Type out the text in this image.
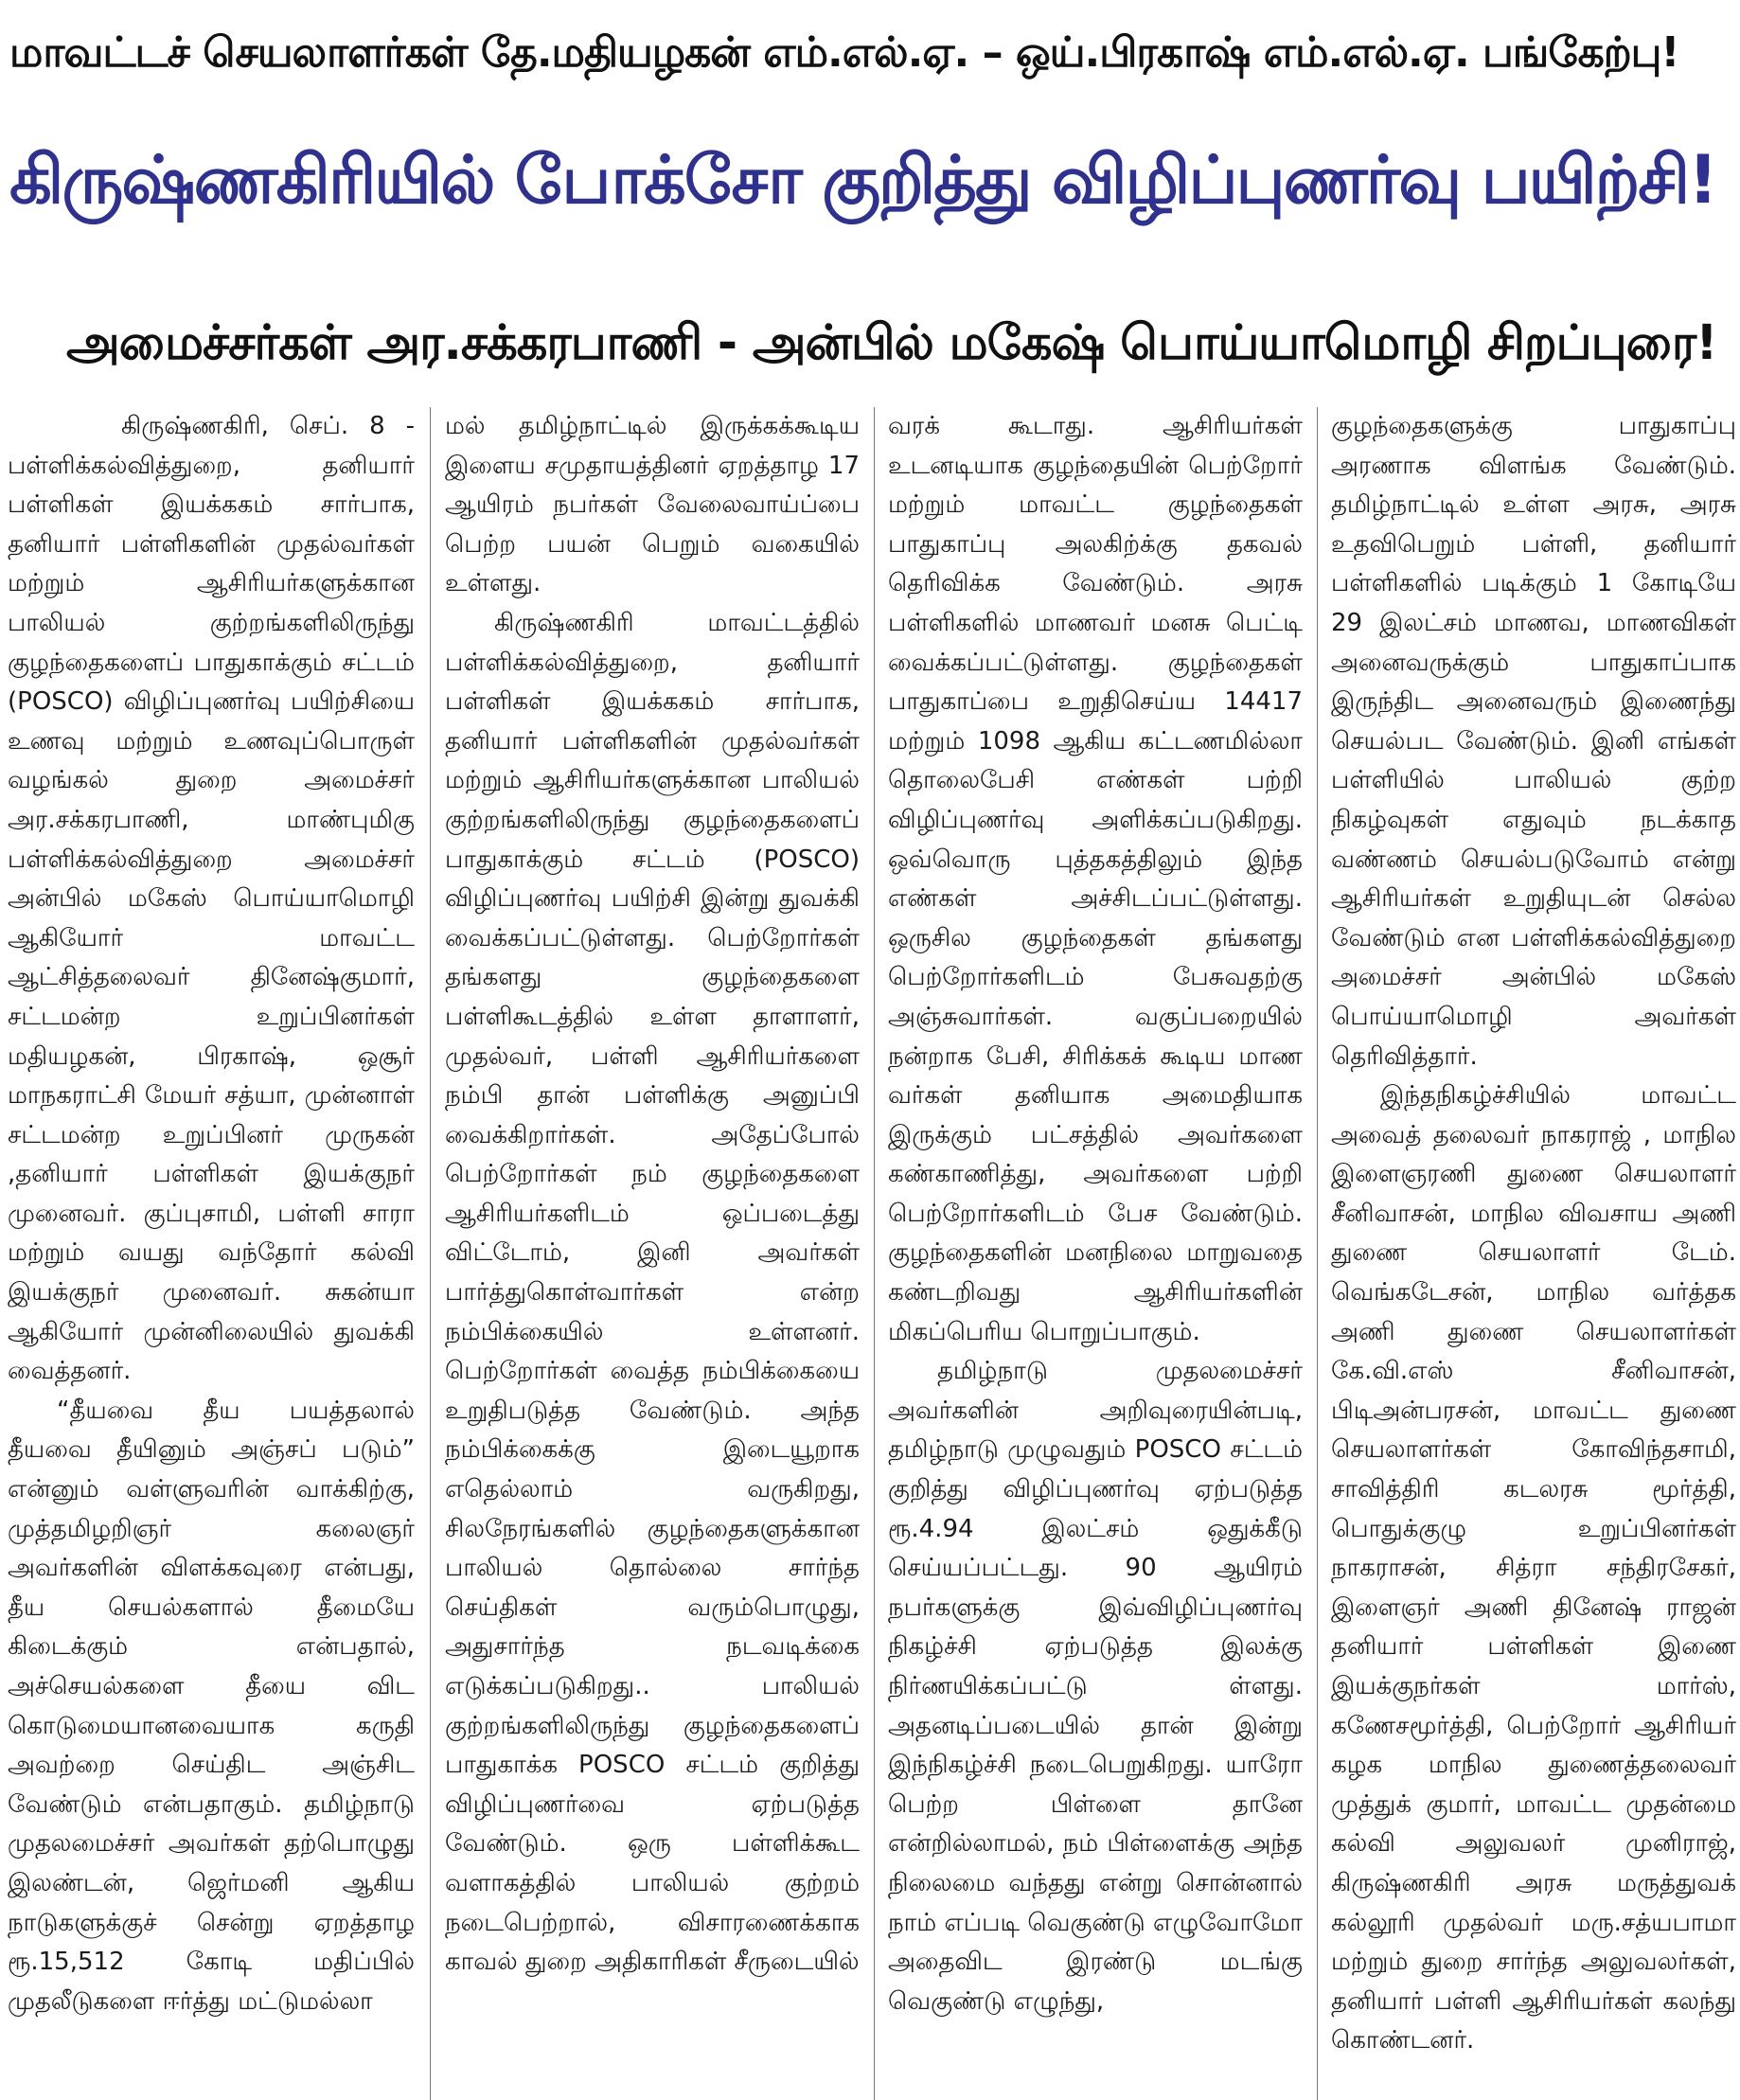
மாவட்டச் செயலாளர்கள் தே.மதியழகன் எம்.எல்.ஏ. – ஒய்.பிரகாஷ் எம்.எல்.ஏ. பங்கேற்பு!
கிருஷ்ணகிரியில் போக்சோ குறித்து விழிப்புணர்வு பயிற்சி!
அமைச்சர்கள் அர.சக்கரபாணி - அன்பில் மகேஷ் பொய்யாமொழி சிறப்புரை!

கிருஷ்ணகிரி, செப். 8 - பள்ளிக்கல்வித்துறை, தனியார் பள்ளிகள் இயக்ககம் சார்பாக, தனியார் பள்ளிகளின் முதல்வர்கள் மற்றும் ஆசிரியர்களுக்கான பாலியல் குற்றங்களிலிருந்து குழந்தைகளைப் பாதுகாக்கும் சட்டம் (POSCO) விழிப்புணர்வு பயிற்சியை உணவு மற்றும் உணவுப்பொருள் வழங்கல் துறை அமைச்சர் அர.சக்கரபாணி, மாண்புமிகு பள்ளிக்கல்வித்துறை அமைச்சர் அன்பில் மகேஸ் பொய்யாமொழி ஆகியோர் மாவட்ட ஆட்சித்தலைவர் தினேஷ்குமார், சட்டமன்ற உறுப்பினர்கள் மதியழகன், பிரகாஷ், ஒசூர் மாநகராட்சி மேயர் சத்யா, முன்னாள் சட்டமன்ற உறுப்பினர் முருகன் ,தனியார் பள்ளிகள் இயக்குநர் முனைவர். குப்புசாமி, பள்ளி சாரா மற்றும் வயது வந்தோர் கல்வி இயக்குநர் முனைவர். சுகன்யா ஆகியோர் முன்னிலையில் துவக்கி வைத்தனர்.

“தீயவை தீய பயத்தலால் தீயவை தீயினும் அஞ்சப் படும்” என்னும் வள்ளுவரின் வாக்கிற்கு, முத்தமிழறிஞர் கலைஞர் அவர்களின் விளக்கவுரை என்பது, தீய செயல்களால் தீமையே கிடைக்கும் என்பதால், அச்செயல்களை தீயை விட கொடுமையானவையாக கருதி அவற்றை செய்திட அஞ்சிட வேண்டும் என்பதாகும். தமிழ்நாடு முதலமைச்சர் அவர்கள் தற்பொழுது இலண்டன், ஜெர்மனி ஆகிய நாடுகளுக்குச் சென்று ஏறத்தாழ ரூ.15,512 கோடி மதிப்பில் முதலீடுகளை ஈர்த்து மட்டுமல்லா

மல் தமிழ்நாட்டில் இருக்கக்கூடிய இளைய சமுதாயத்தினர் ஏறத்தாழ 17 ஆயிரம் நபர்கள் வேலைவாய்ப்பை பெற்ற பயன் பெறும் வகையில் உள்ளது.

கிருஷ்ணகிரி மாவட்டத்தில் பள்ளிக்கல்வித்துறை, தனியார் பள்ளிகள் இயக்ககம் சார்பாக, தனியார் பள்ளிகளின் முதல்வர்கள் மற்றும் ஆசிரியர்களுக்கான பாலியல் குற்றங்களிலிருந்து குழந்தைகளைப் பாதுகாக்கும் சட்டம் (POSCO) விழிப்புணர்வு பயிற்சி இன்று துவக்கி வைக்கப்பட்டுள்ளது. பெற்றோர்கள் தங்களது குழந்தைகளை பள்ளிகூடத்தில் உள்ள தாளாளர், முதல்வர், பள்ளி ஆசிரியர்களை நம்பி தான் பள்ளிக்கு அனுப்பி வைக்கிறார்கள். அதேப்போல் பெற்றோர்கள் நம் குழந்தைகளை ஆசிரியர்களிடம் ஒப்படைத்து விட்டோம், இனி அவர்கள் பார்த்துகொள்வார்கள் என்ற நம்பிக்கையில் உள்ளனர். பெற்றோர்கள் வைத்த நம்பிக்கையை உறுதிபடுத்த வேண்டும். அந்த நம்பிக்கைக்கு இடையூறாக எதெல்லாம் வருகிறது, சிலநேரங்களில் குழந்தைகளுக்கான பாலியல் தொல்லை சார்ந்த செய்திகள் வரும்பொழுது, அதுசார்ந்த நடவடிக்கை எடுக்கப்படுகிறது.. பாலியல் குற்றங்களிலிருந்து குழந்தைகளைப் பாதுகாக்க POSCO சட்டம் குறித்து விழிப்புணர்வை ஏற்படுத்த வேண்டும். ஒரு பள்ளிக்கூட வளாகத்தில் பாலியல் குற்றம் நடைபெற்றால், விசாரணைக்காக காவல் துறை அதிகாரிகள் சீருடையில்

வரக் கூடாது. ஆசிரியர்கள் உடனடியாக குழந்தையின் பெற்றோர் மற்றும் மாவட்ட குழந்தைகள் பாதுகாப்பு அலகிற்க்கு தகவல் தெரிவிக்க வேண்டும். அரசு பள்ளிகளில் மாணவர் மனசு பெட்டி வைக்கப்பட்டுள்ளது. குழந்தைகள் பாதுகாப்பை உறுதிசெய்ய 14417 மற்றும் 1098 ஆகிய கட்டணமில்லா தொலைபேசி எண்கள் பற்றி விழிப்புணர்வு அளிக்கப்படுகிறது. ஒவ்வொரு புத்தகத்திலும் இந்த எண்கள் அச்சிடப்பட்டுள்ளது. ஒருசில குழந்தைகள் தங்களது பெற்றோர்களிடம் பேசுவதற்கு அஞ்சுவார்கள். வகுப்பறையில் நன்றாக பேசி, சிரிக்கக் கூடிய மாண வர்கள் தனியாக அமைதியாக இருக்கும் பட்சத்தில் அவர்களை கண்காணித்து, அவர்களை பற்றி பெற்றோர்களிடம் பேச வேண்டும். குழந்தைகளின் மனநிலை மாறுவதை கண்டறிவது ஆசிரியர்களின் மிகப்பெரிய பொறுப்பாகும்.

தமிழ்நாடு முதலமைச்சர் அவர்களின் அறிவுரையின்படி, தமிழ்நாடு முழுவதும் POSCO சட்டம் குறித்து விழிப்புணர்வு ஏற்படுத்த ரூ.4.94 இலட்சம் ஒதுக்கீடு செய்யப்பட்டது. 90 ஆயிரம் நபர்களுக்கு இவ்விழிப்புணர்வு நிகழ்ச்சி ஏற்படுத்த இலக்கு நிர்ணயிக்கப்பட்டு ள்ளது. அதனடிப்படையில் தான் இன்று இந்நிகழ்ச்சி நடைபெறுகிறது. யாரோ பெற்ற பிள்ளை தானே என்றில்லாமல், நம் பிள்ளைக்கு அந்த நிலைமை வந்தது என்று சொன்னால் நாம் எப்படி வெகுண்டு எழுவோமோ அதைவிட இரண்டு மடங்கு வெகுண்டு எழுந்து,

குழந்தைகளுக்கு பாதுகாப்பு அரணாக விளங்க வேண்டும். தமிழ்நாட்டில் உள்ள அரசு, அரசு உதவிபெறும் பள்ளி, தனியார் பள்ளிகளில் படிக்கும் 1 கோடியே 29 இலட்சம் மாணவ, மாணவிகள் அனைவருக்கும் பாதுகாப்பாக இருந்திட அனைவரும் இணைந்து செயல்பட வேண்டும். இனி எங்கள் பள்ளியில் பாலியல் குற்ற நிகழ்வுகள் எதுவும் நடக்காத வண்ணம் செயல்படுவோம் என்று ஆசிரியர்கள் உறுதியுடன் செல்ல வேண்டும் என பள்ளிக்கல்வித்துறை அமைச்சர் அன்பில் மகேஸ் பொய்யாமொழி அவர்கள் தெரிவித்தார்.

இந்தநிகழ்ச்சியில் மாவட்ட அவைத் தலைவர் நாகராஜ் , மாநில இளைஞரணி துணை செயலாளர் சீனிவாசன், மாநில விவசாய அணி துணை செயலாளர் டேம். வெங்கடேசன், மாநில வர்த்தக அணி துணை செயலாளர்கள் கே.வி.எஸ் சீனிவாசன், பிடிஅன்பரசன், மாவட்ட துணை செயலாளர்கள் கோவிந்தசாமி, சாவித்திரி கடலரசு மூர்த்தி, பொதுக்குழு உறுப்பினர்கள் நாகராசன், சித்ரா சந்திரசேகர், இளைஞர் அணி தினேஷ் ராஜன் தனியார் பள்ளிகள் இணை இயக்குநர்கள் மார்ஸ், கணேசமூர்த்தி, பெற்றோர் ஆசிரியர் கழக மாநில துணைத்தலைவர் முத்துக் குமார், மாவட்ட முதன்மை கல்வி அலுவலர் முனிராஜ், கிருஷ்ணகிரி அரசு மருத்துவக் கல்லூரி முதல்வர் மரு.சத்யபாமா மற்றும் துறை சார்ந்த அலுவலர்கள், தனியார் பள்ளி ஆசிரியர்கள் கலந்து கொண்டனர்.
